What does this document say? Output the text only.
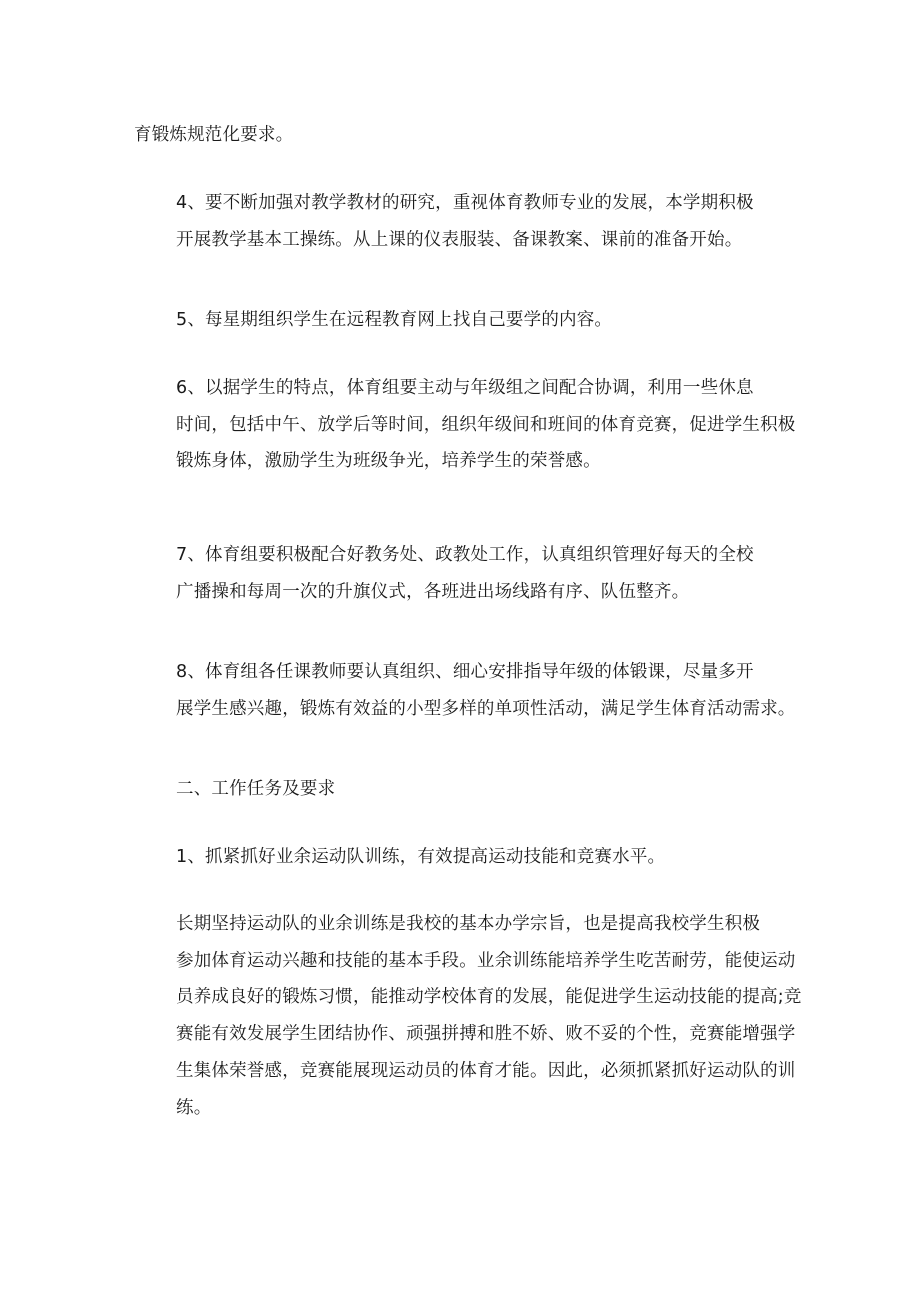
育锻炼规范化要求。

4、要不断加强对教学教材的研究，重视体育教师专业的发展，本学期积极
开展教学基本工操练。从上课的仪表服装、备课教案、课前的准备开始。

5、每星期组织学生在远程教育网上找自己要学的内容。

6、以据学生的特点，体育组要主动与年级组之间配合协调，利用一些休息
时间，包括中午、放学后等时间，组织年级间和班间的体育竞赛，促进学生积极
锻炼身体，激励学生为班级争光，培养学生的荣誉感。

7、体育组要积极配合好教务处、政教处工作，认真组织管理好每天的全校
广播操和每周一次的升旗仪式，各班进出场线路有序、队伍整齐。

8、体育组各任课教师要认真组织、细心安排指导年级的体锻课，尽量多开
展学生感兴趣，锻炼有效益的小型多样的单项性活动，满足学生体育活动需求。

二、工作任务及要求

1、抓紧抓好业余运动队训练，有效提高运动技能和竞赛水平。

长期坚持运动队的业余训练是我校的基本办学宗旨，也是提高我校学生积极
参加体育运动兴趣和技能的基本手段。业余训练能培养学生吃苦耐劳，能使运动
员养成良好的锻炼习惯，能推动学校体育的发展，能促进学生运动技能的提高;竞
赛能有效发展学生团结协作、顽强拼搏和胜不娇、败不妥的个性，竞赛能增强学
生集体荣誉感，竞赛能展现运动员的体育才能。因此，必须抓紧抓好运动队的训
练。
